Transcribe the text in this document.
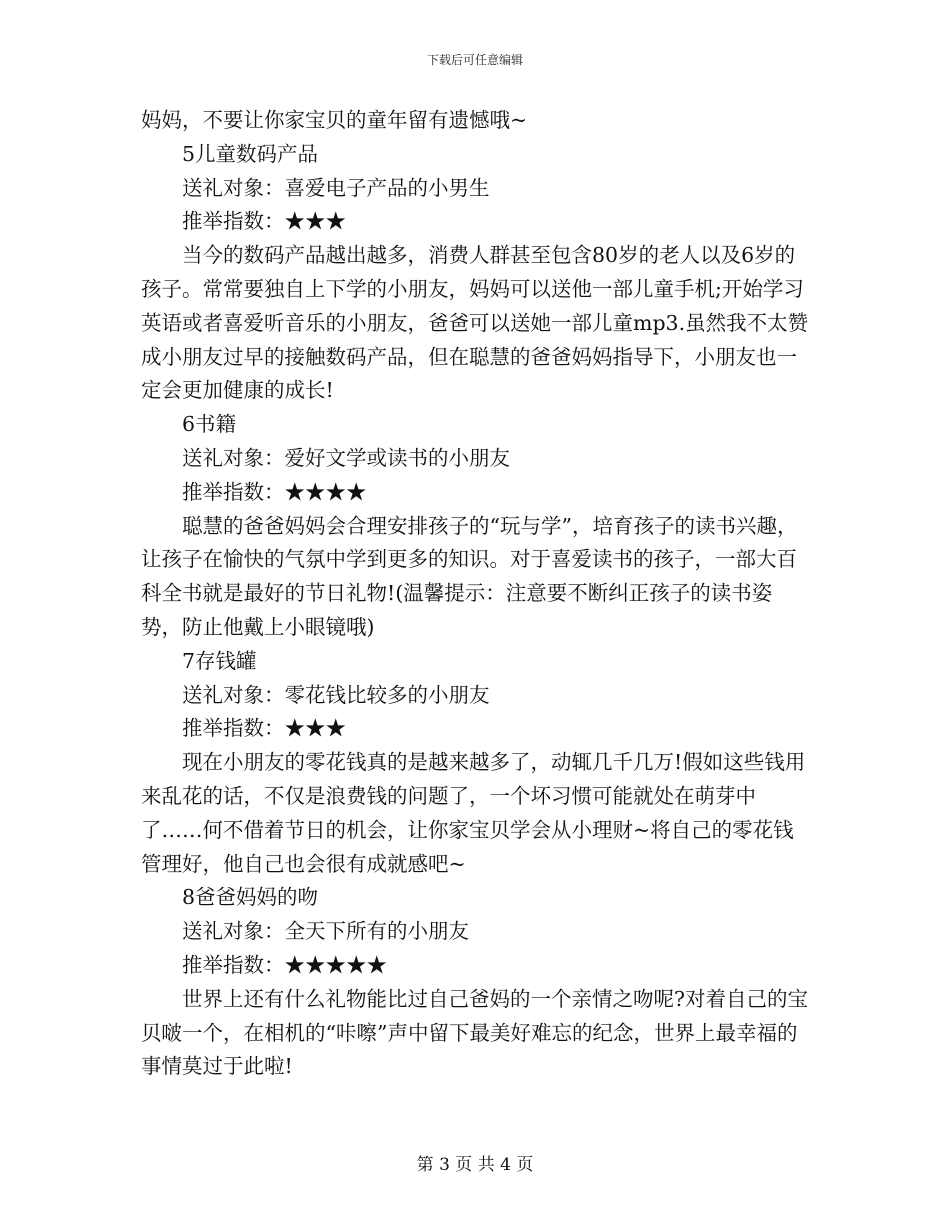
下载后可任意编辑

妈妈，不要让你家宝贝的童年留有遗憾哦~

5儿童数码产品

送礼对象：喜爱电子产品的小男生

推举指数：★★★

当今的数码产品越出越多，消费人群甚至包含80岁的老人以及6岁的孩子。常常要独自上下学的小朋友，妈妈可以送他一部儿童手机;开始学习英语或者喜爱听音乐的小朋友，爸爸可以送她一部儿童mp3.虽然我不太赞成小朋友过早的接触数码产品，但在聪慧的爸爸妈妈指导下，小朋友也一定会更加健康的成长!

6书籍

送礼对象：爱好文学或读书的小朋友

推举指数：★★★★

聪慧的爸爸妈妈会合理安排孩子的“玩与学”，培育孩子的读书兴趣，让孩子在愉快的气氛中学到更多的知识。对于喜爱读书的孩子，一部大百科全书就是最好的节日礼物!(温馨提示：注意要不断纠正孩子的读书姿势，防止他戴上小眼镜哦)

7存钱罐

送礼对象：零花钱比较多的小朋友

推举指数：★★★

现在小朋友的零花钱真的是越来越多了，动辄几千几万!假如这些钱用来乱花的话，不仅是浪费钱的问题了，一个坏习惯可能就处在萌芽中了……何不借着节日的机会，让你家宝贝学会从小理财~将自己的零花钱管理好，他自己也会很有成就感吧~

8爸爸妈妈的吻

送礼对象：全天下所有的小朋友

推举指数：★★★★★

世界上还有什么礼物能比过自己爸妈的一个亲情之吻呢?对着自己的宝贝啵一个，在相机的“咔嚓”声中留下最美好难忘的纪念，世界上最幸福的事情莫过于此啦!

第 3 页 共 4 页
